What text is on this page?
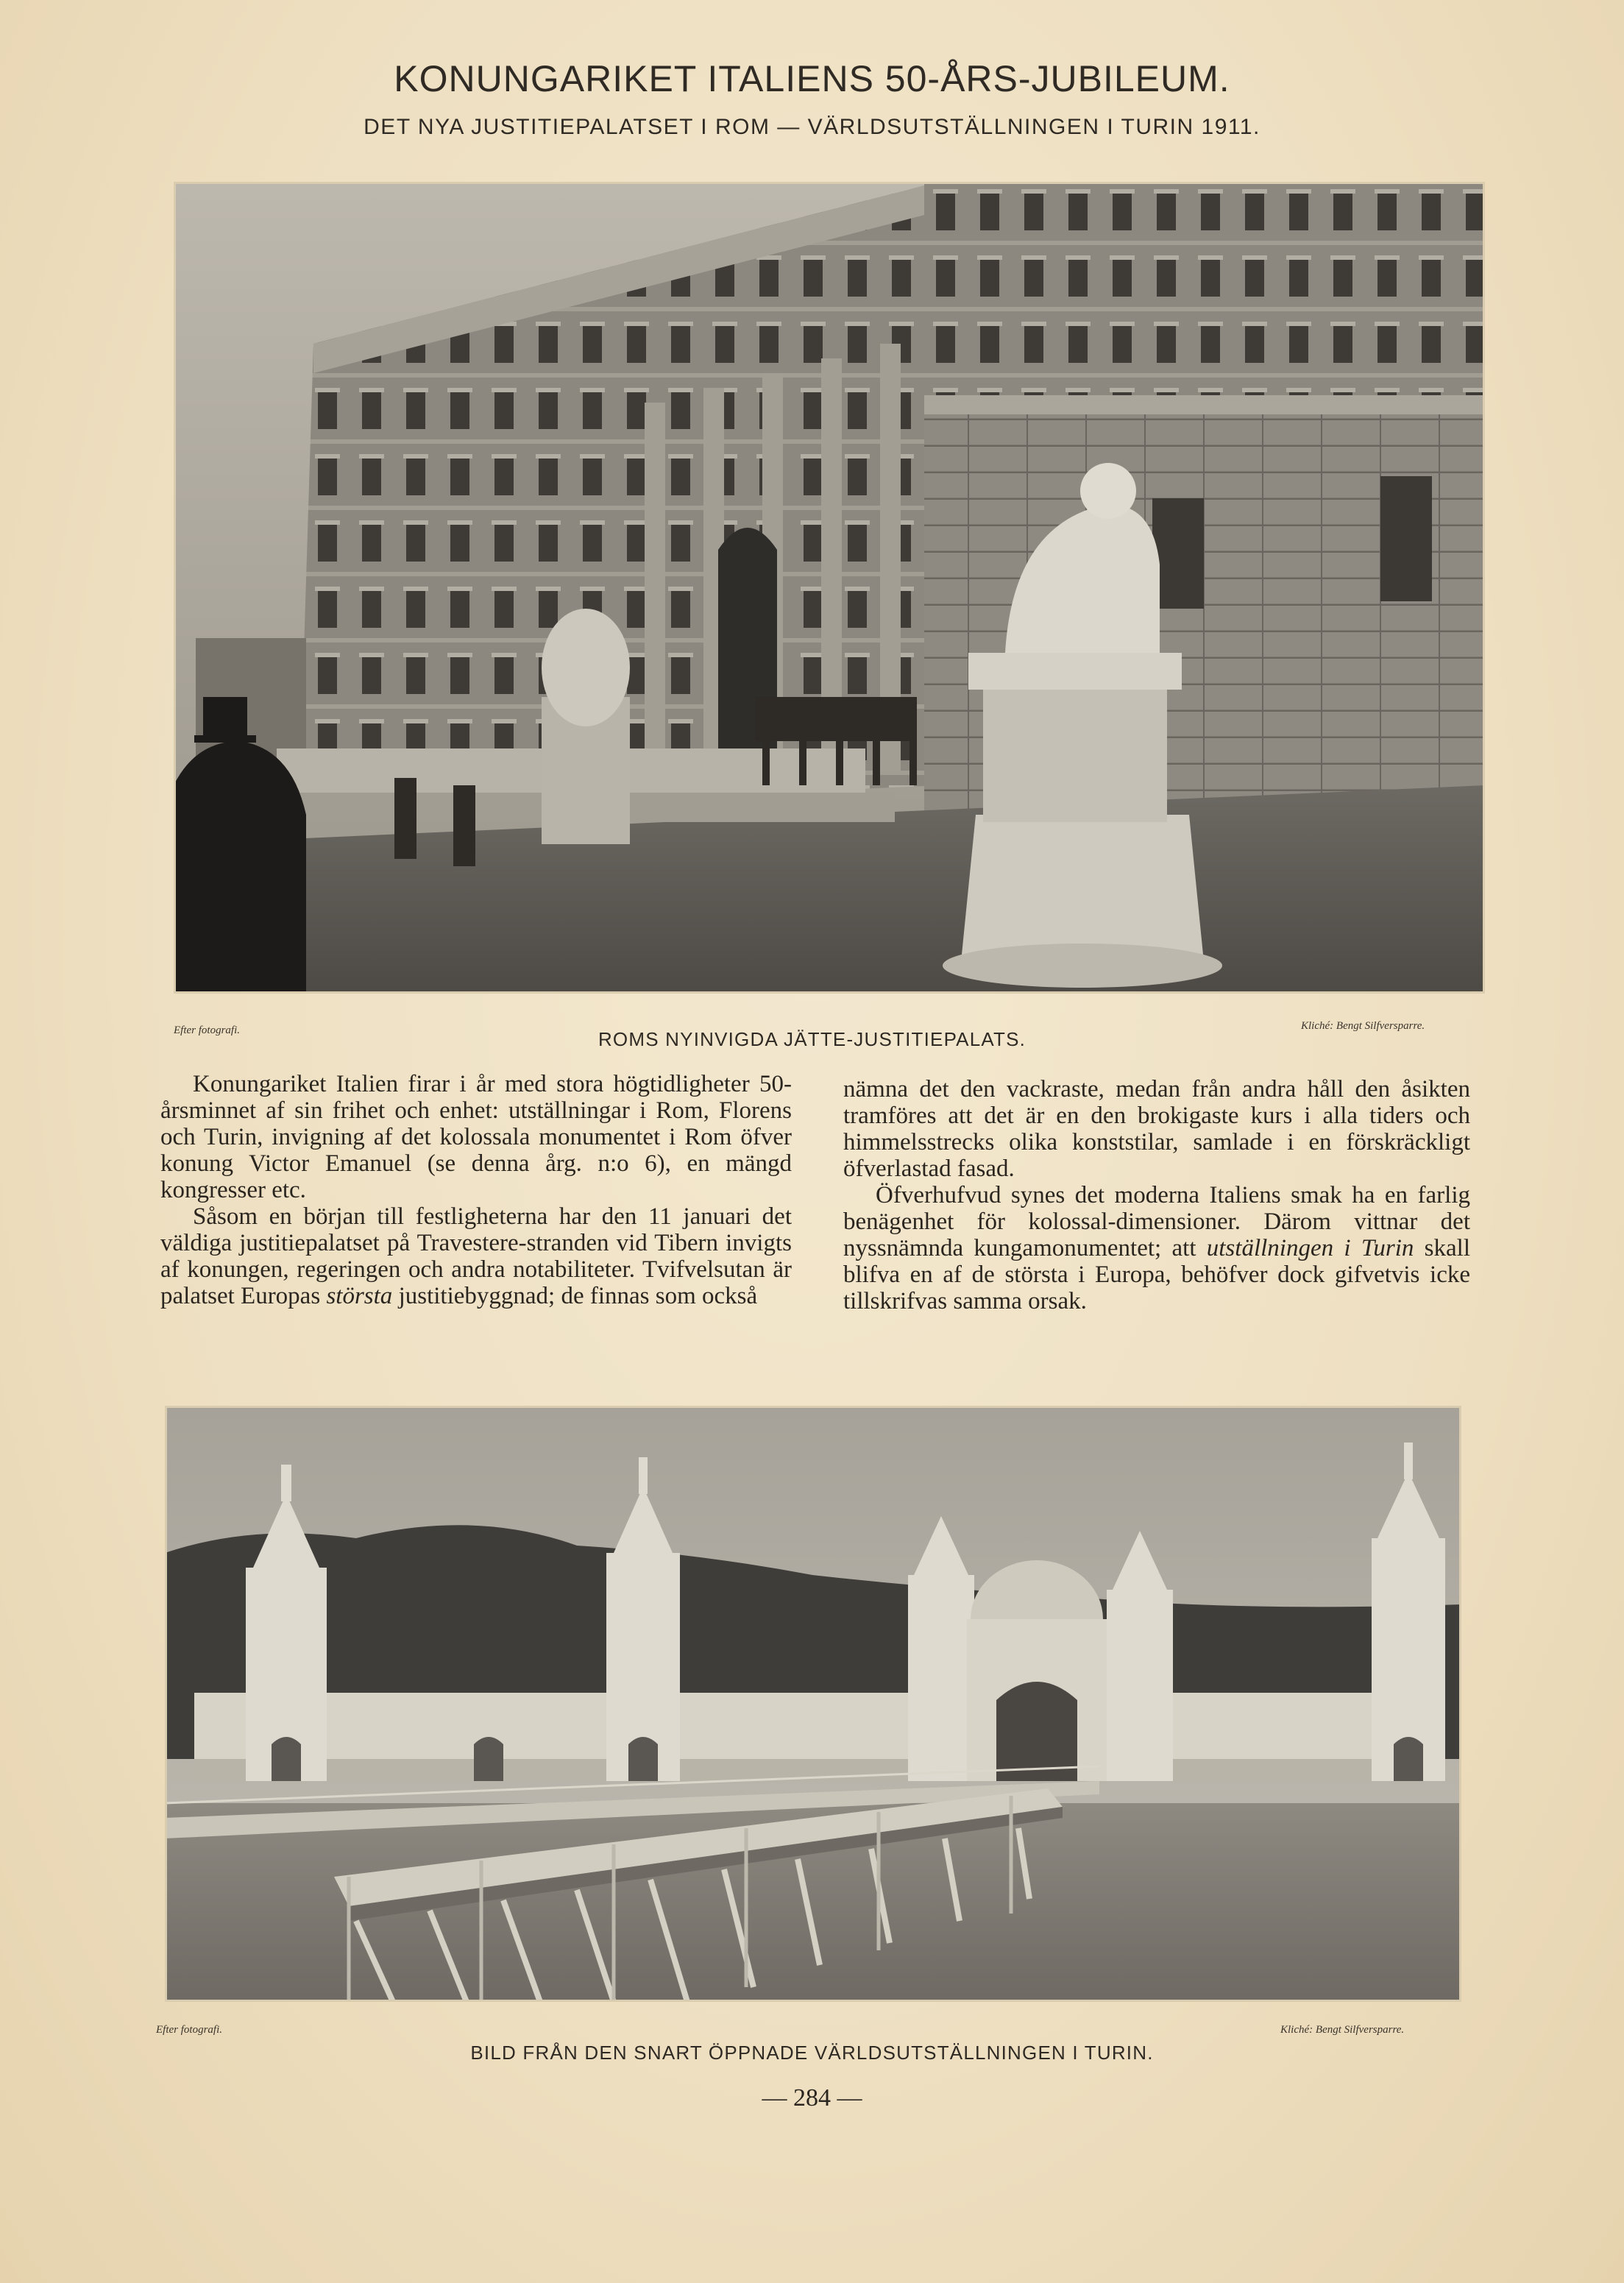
KONUNGARIKET ITALIENS 50-ÅRS-JUBILEUM.
DET NYA JUSTITIEPALATSET I ROM — VÄRLDSUTSTÄLLNINGEN I TURIN 1911.
Efter fotografi.	Kliché: Bengt Silfversparre.
ROMS NYINVIGDA JÄTTE-JUSTITIEPALATS.

Konungariket Italien firar i år med stora högtidligheter 50-årsminnet af sin frihet och enhet: utställningar i Rom, Florens och Turin, invigning af det kolossala monumentet i Rom öfver konung Victor Emanuel (se denna årg. n:o 6), en mängd kongresser etc.

Såsom en början till festligheterna har den 11 januari det väldiga justitiepalatset på Travestere-stranden vid Tibern invigts af konungen, regeringen och andra notabiliteter. Tvifvelsutan är palatset Europas största justitiebyggnad; de finnas som också

nämna det den vackraste, medan från andra håll den åsikten tramföres att det är en den brokigaste kurs i alla tiders och himmelsstrecks olika konststilar, samlade i en förskräckligt öfverlastad fasad.

Öfverhufvud synes det moderna Italiens smak ha en farlig benägenhet för kolossal-dimensioner. Därom vittnar det nyssnämnda kungamonumentet; att utställningen i Turin skall blifva en af de största i Europa, behöfver dock gifvetvis icke tillskrifvas samma orsak.

Efter fotografi.	Kliché: Bengt Silfversparre.
BILD FRÅN DEN SNART ÖPPNADE VÄRLDSUTSTÄLLNINGEN I TURIN.
— 284 —
